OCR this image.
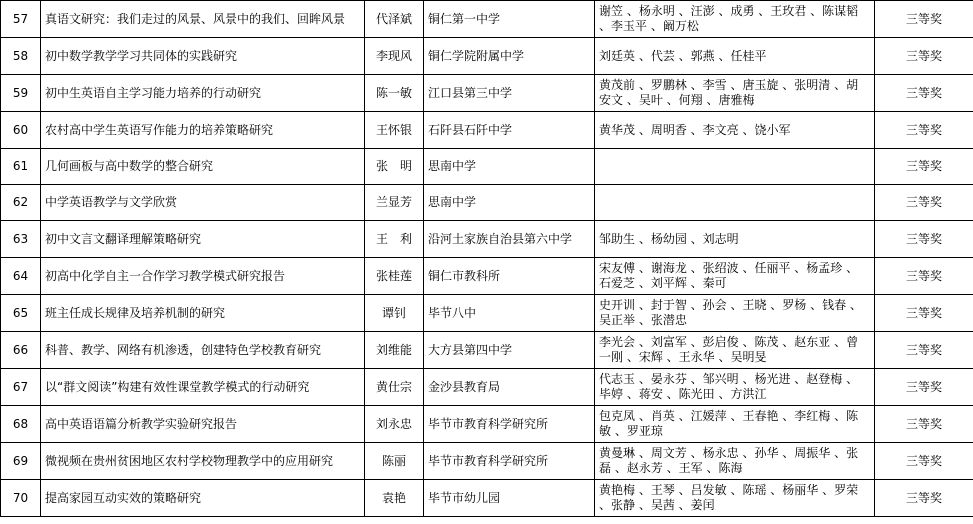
57	真语文研究：我们走过的风景、风景中的我们、回眸风景	代泽斌	铜仁第一中学	谢笠 、杨永明 、汪澎 、成勇 、王玫君 、陈谋韬 、李玉平 、阚万松	三等奖
58	初中数学教学学习共同体的实践研究	李现风	铜仁学院附属中学	刘廷英 、代芸 、郭燕 、任桂平	三等奖
59	初中生英语自主学习能力培养的行动研究	陈一敏	江口县第三中学	黄茂前 、罗鹏林 、李雪 、唐玉旋 、张明清 、胡安文 、吴叶 、何翔 、唐雅梅	三等奖
60	农村高中学生英语写作能力的培养策略研究	王怀银	石阡县石阡中学	黄华茂 、周明香 、李文亮 、饶小军	三等奖
61	几何画板与高中数学的整合研究	张　明	思南中学		三等奖
62	中学英语教学与文学欣赏	兰显芳	思南中学		三等奖
63	初中文言文翻译理解策略研究	王　利	沿河土家族自治县第六中学	邹助生 、杨幼园 、刘志明	三等奖
64	初高中化学自主一合作学习教学模式研究报告	张桂莲	铜仁市教科所	宋友傅 、谢海龙 、张绍波 、任丽平 、杨孟珍 、石爱芝 、刘平辉 、秦可	三等奖
65	班主任成长规律及培养机制的研究	谭钊	毕节八中	史开训 、封于智 、孙会 、王晓 、罗杨 、钱春 、吴正举 、张潜忠	三等奖
66	科普、教学、网络有机渗透，创建特色学校教育研究	刘维能	大方县第四中学	李光会 、刘富军 、彭启俊 、陈茂 、赵东亚 、曾一刚 、宋辉 、王永华 、吴明旻	三等奖
67	以“群文阅读”构建有效性课堂教学模式的行动研究	黄仕宗	金沙县教育局	代志玉 、晏永芬 、邹兴明 、杨光进 、赵登梅 、毕婷 、蒋安 、陈光田 、方洪江	三等奖
68	高中英语语篇分析教学实验研究报告	刘永忠	毕节市教育科学研究所	包克凤 、肖英 、江媛萍 、王春艳 、李红梅 、陈敏 、罗亚琼	三等奖
69	微视频在贵州贫困地区农村学校物理教学中的应用研究	陈丽	毕节市教育科学研究所	黄曼琳 、周文芳 、杨永忠 、孙华 、周振华 、张磊 、赵永芳 、王军 、陈海	三等奖
70	提高家园互动实效的策略研究	袁艳	毕节市幼儿园	黄艳梅 、王琴 、吕发敏 、陈瑶 、杨丽华 、罗荣 、张静 、吴茜 、姜闰	三等奖
